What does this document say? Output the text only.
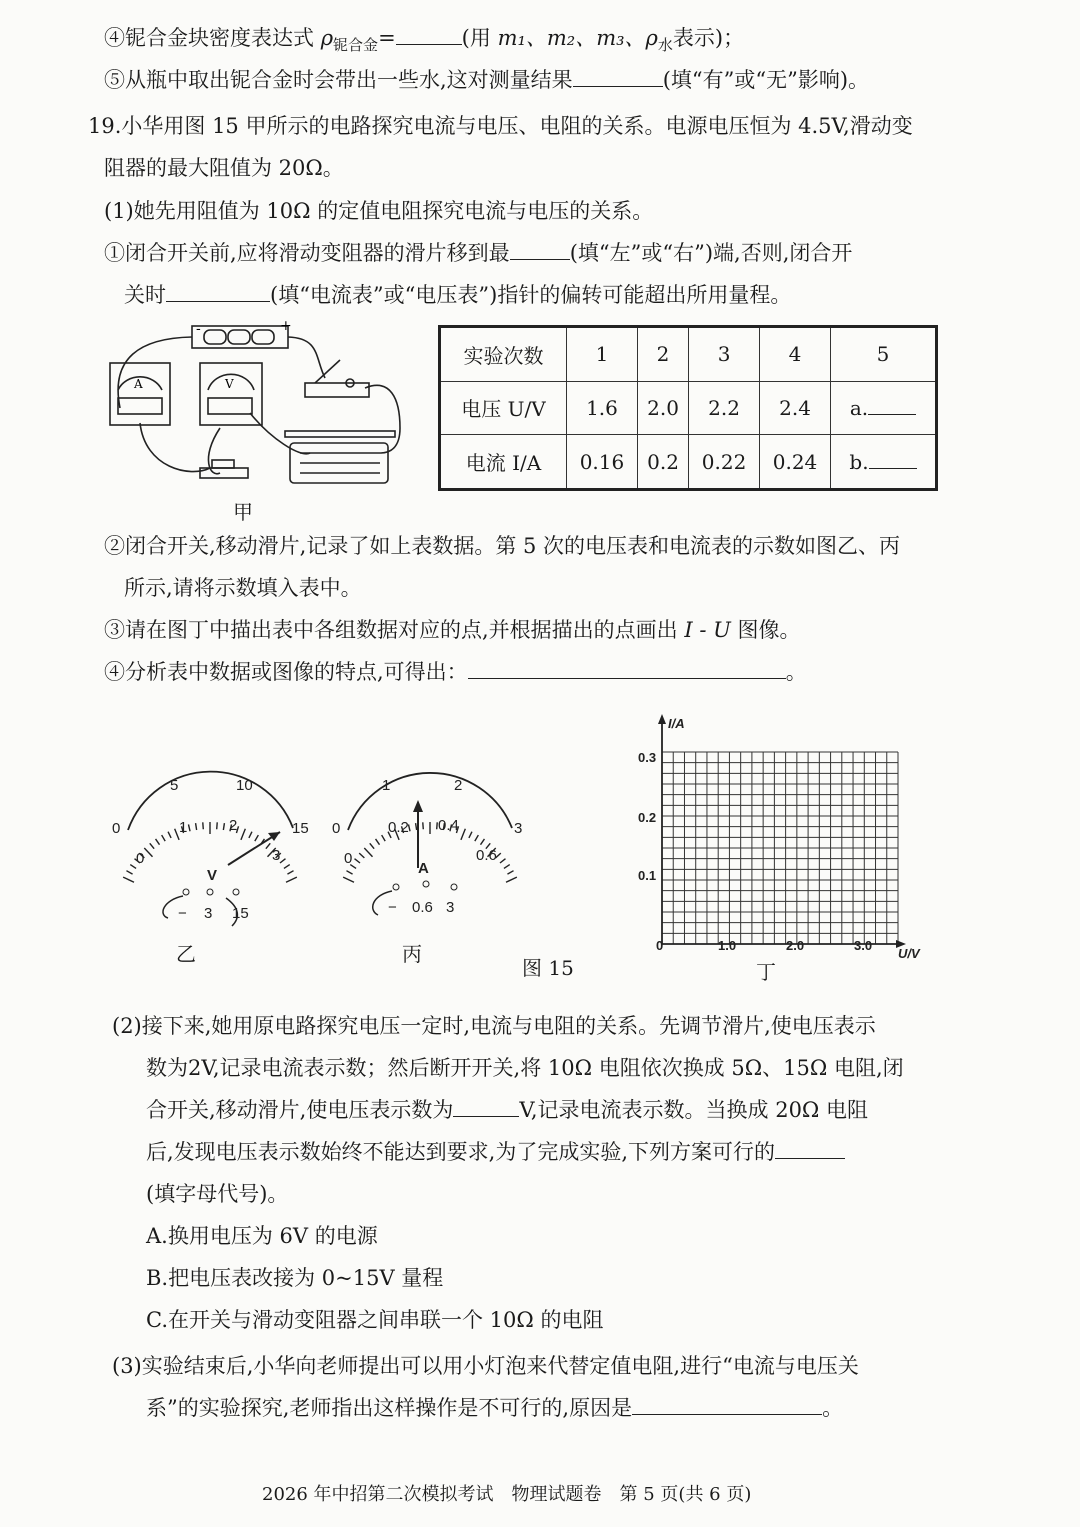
④铌合金块密度表达式 $\rho_{铌合金}=$	(用 m₁、m₂、m₃、$\rho_水$表示)；
⑤从瓶中取出铌合金时会带出一些水,这对测量结果	(填“有”或“无”影响)。
19.小华用图 15 甲所示的电路探究电流与电压、电阻的关系。电源电压恒为 4.5V,滑动变
阻器的最大阻值为 20Ω。
(1)她先用阻值为 10Ω 的定值电阻探究电流与电压的关系。
①闭合开关前,应将滑动变阻器的滑片移到最	(填“左”或“右”)端,否则,闭合开
关时	(填“电流表”或“电压表”)指针的偏转可能超出所用量程。
-	+
A	V
甲
实验次数	1	2	3	4	5
电压 U/V	1.6	2.0	2.2	2.4	a.
电流 I/A	0.16	0.2	0.22	0.24	b.
②闭合开关,移动滑片,记录了如上表数据。第 5 次的电压表和电流表的示数如图乙、丙
所示,请将示数填入表中。
③请在图丁中描出表中各组数据对应的点,并根据描出的点画出 I - U 图像。
④分析表中数据或图像的特点,可得出：	。
0
5	10
15
0
1	2
3
V
− 3 15
0
1	2
3
0
0.2 0.4
0.6
A
− 0.6 3
乙	丙
图 15
I/A
U/V
0.3
0.2
0.1
0	1.0	2.0	3.0
丁
(2)接下来,她用原电路探究电压一定时,电流与电阻的关系。先调节滑片,使电压表示
数为2V,记录电流表示数；然后断开开关,将 10Ω 电阻依次换成 5Ω、15Ω 电阻,闭
合开关,移动滑片,使电压表示数为	V,记录电流表示数。当换成 20Ω 电阻
后,发现电压表示数始终不能达到要求,为了完成实验,下列方案可行的
(填字母代号)。
A.换用电压为 6V 的电源
B.把电压表改接为 0~15V 量程
C.在开关与滑动变阻器之间串联一个 10Ω 的电阻
(3)实验结束后,小华向老师提出可以用小灯泡来代替定值电阻,进行“电流与电压关
系”的实验探究,老师指出这样操作是不可行的,原因是	。
2026 年中招第二次模拟考试　物理试题卷　第 5 页(共 6 页)
